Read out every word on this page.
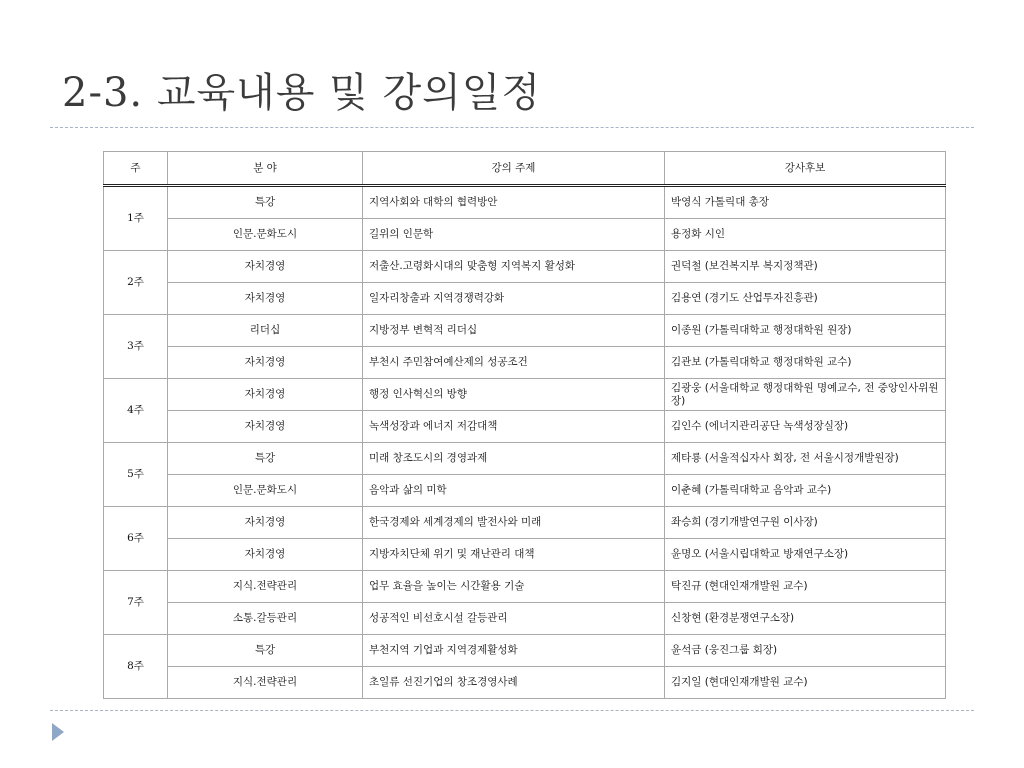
2-3. 교육내용 및 강의일정
주	분 야	강의 주제	강사후보
1주	특강	지역사회와 대학의 협력방안	박영식 가톨릭대 총장
	인문.문화도시	길위의 인문학	용정화 시인
2주	자치경영	저출산.고령화시대의 맞춤형 지역복지 활성화	권덕철 (보건복지부 복지정책관)
	자치경영	일자리창출과 지역경쟁력강화	김용연 (경기도 산업투자진흥관)
3주	리더십	지방정부 변혁적 리더십	이종원 (가톨릭대학교 행정대학원 원장)
	자치경영	부천시 주민참여예산제의 성공조건	김관보 (가톨릭대학교 행정대학원 교수)
4주	자치경영	행정 인사혁신의 방향	김광웅 (서울대학교 행정대학원 명예교수, 전 중앙인사위원장)
	자치경영	녹색성장과 에너지 저감대책	김인수 (에너지관리공단 녹색성장실장)
5주	특강	미래 창조도시의 경영과제	제타룡 (서울적십자사 회장, 전 서울시정개발원장)
	인문.문화도시	음악과 삶의 미학	이춘혜 (가톨릭대학교 음악과 교수)
6주	자치경영	한국경제와 세계경제의 발전사와 미래	좌승희 (경기개발연구원 이사장)
	자치경영	지방자치단체 위기 및 재난관리 대책	윤명오 (서울시립대학교 방재연구소장)
7주	지식.전략관리	업무 효율을 높이는 시간활용 기술	탁진규 (현대인재개발원 교수)
	소통.갈등관리	성공적인 비선호시설 갈등관리	신창현 (환경분쟁연구소장)
8주	특강	부천지역 기업과 지역경제활성화	윤석금 (웅진그룹 회장)
	지식.전략관리	초일류 선진기업의 창조경영사례	김지일 (현대인재개발원 교수)
